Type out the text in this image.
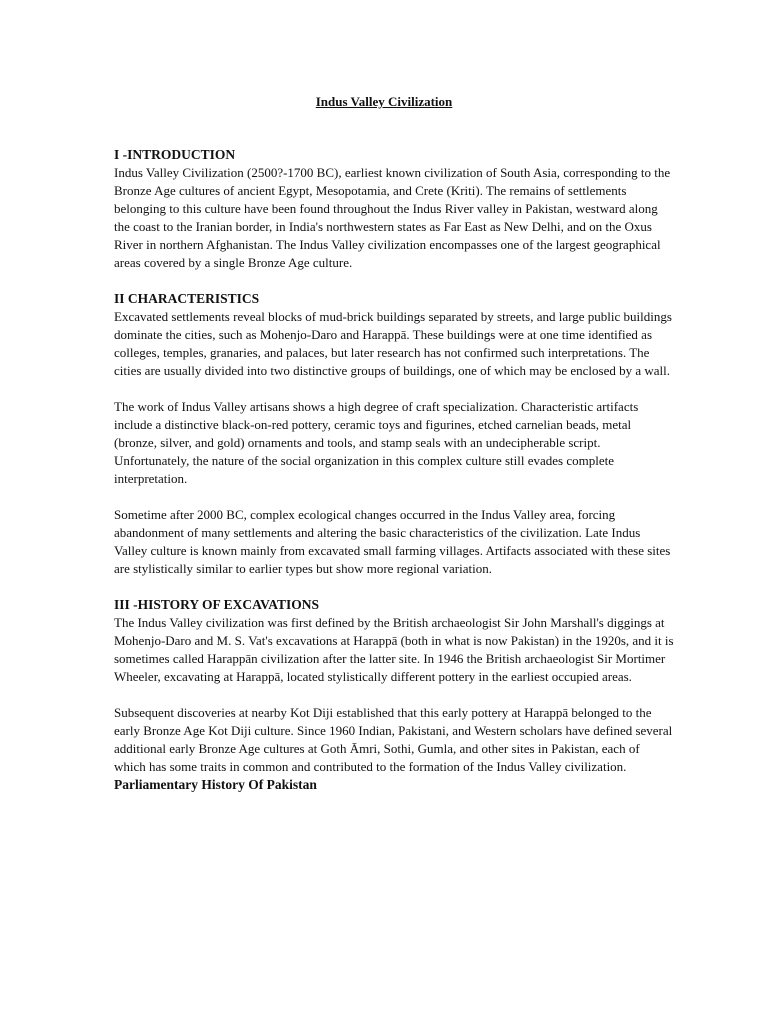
Indus Valley Civilization

I -INTRODUCTION

Indus Valley Civilization (2500?-1700 BC), earliest known civilization of South Asia, corresponding to the Bronze Age cultures of ancient Egypt, Mesopotamia, and Crete (Kriti). The remains of settlements belonging to this culture have been found throughout the Indus River valley in Pakistan, westward along the coast to the Iranian border, in India's northwestern states as Far East as New Delhi, and on the Oxus River in northern Afghanistan. The Indus Valley civilization encompasses one of the largest geographical areas covered by a single Bronze Age culture.

II CHARACTERISTICS

Excavated settlements reveal blocks of mud-brick buildings separated by streets, and large public buildings dominate the cities, such as Mohenjo-Daro and Harappā. These buildings were at one time identified as colleges, temples, granaries, and palaces, but later research has not confirmed such interpretations. The cities are usually divided into two distinctive groups of buildings, one of which may be enclosed by a wall.

The work of Indus Valley artisans shows a high degree of craft specialization. Characteristic artifacts include a distinctive black-on-red pottery, ceramic toys and figurines, etched carnelian beads, metal (bronze, silver, and gold) ornaments and tools, and stamp seals with an undecipherable script. Unfortunately, the nature of the social organization in this complex culture still evades complete interpretation.

Sometime after 2000 BC, complex ecological changes occurred in the Indus Valley area, forcing abandonment of many settlements and altering the basic characteristics of the civilization. Late Indus Valley culture is known mainly from excavated small farming villages. Artifacts associated with these sites are stylistically similar to earlier types but show more regional variation.

III -HISTORY OF EXCAVATIONS

The Indus Valley civilization was first defined by the British archaeologist Sir John Marshall's diggings at Mohenjo-Daro and M. S. Vat's excavations at Harappā (both in what is now Pakistan) in the 1920s, and it is sometimes called Harappān civilization after the latter site. In 1946 the British archaeologist Sir Mortimer Wheeler, excavating at Harappā, located stylistically different pottery in the earliest occupied areas.

Subsequent discoveries at nearby Kot Diji established that this early pottery at Harappā belonged to the early Bronze Age Kot Diji culture. Since 1960 Indian, Pakistani, and Western scholars have defined several additional early Bronze Age cultures at Goth Āmri, Sothi, Gumla, and other sites in Pakistan, each of which has some traits in common and contributed to the formation of the Indus Valley civilization.

Parliamentary History Of Pakistan
